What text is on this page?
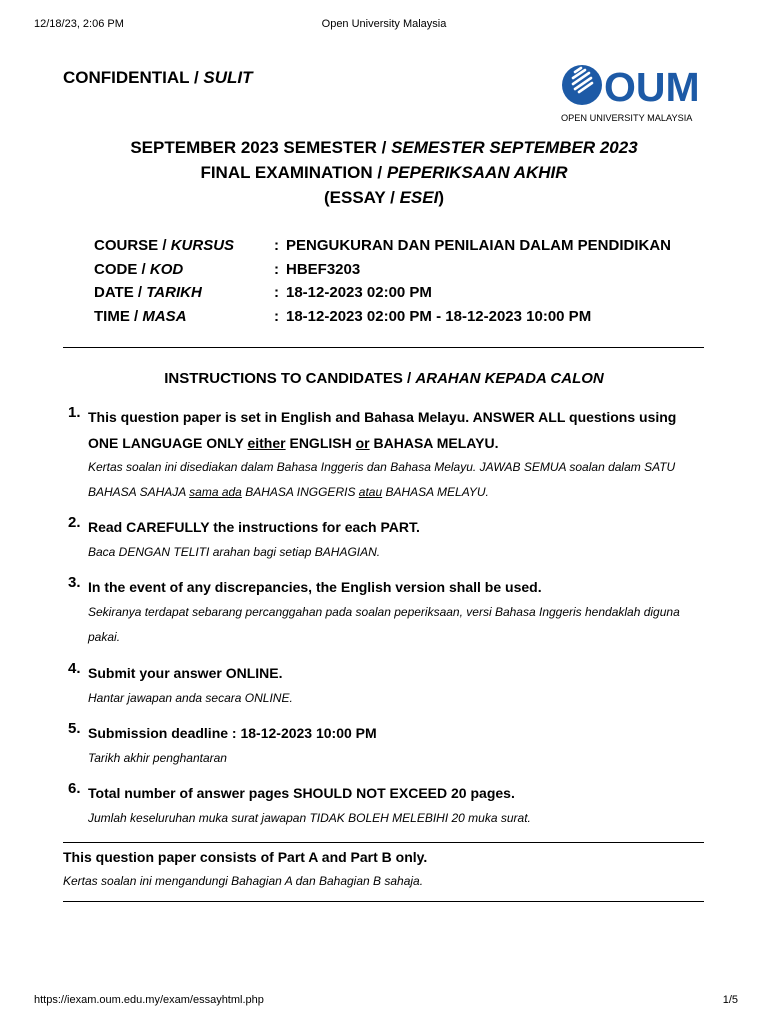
12/18/23, 2:06 PM	Open University Malaysia
CONFIDENTIAL / SULIT	OUM
OPEN UNIVERSITY MALAYSIA
SEPTEMBER 2023 SEMESTER / SEMESTER SEPTEMBER 2023
FINAL EXAMINATION / PEPERIKSAAN AKHIR
(ESSAY / ESEI)
COURSE / KURSUS	: PENGUKURAN DAN PENILAIAN DALAM PENDIDIKAN
CODE / KOD	: HBEF3203
DATE / TARIKH	: 18-12-2023 02:00 PM
TIME / MASA	: 18-12-2023 02:00 PM - 18-12-2023 10:00 PM
INSTRUCTIONS TO CANDIDATES / ARAHAN KEPADA CALON
1. This question paper is set in English and Bahasa Melayu. ANSWER ALL questions using ONE LANGUAGE ONLY either ENGLISH or BAHASA MELAYU.
Kertas soalan ini disediakan dalam Bahasa Inggeris dan Bahasa Melayu. JAWAB SEMUA soalan dalam SATU BAHASA SAHAJA sama ada BAHASA INGGERIS atau BAHASA MELAYU.
2. Read CAREFULLY the instructions for each PART.
Baca DENGAN TELITI arahan bagi setiap BAHAGIAN.
3. In the event of any discrepancies, the English version shall be used.
Sekiranya terdapat sebarang percanggahan pada soalan peperiksaan, versi Bahasa Inggeris hendaklah diguna pakai.
4. Submit your answer ONLINE.
Hantar jawapan anda secara ONLINE.
5. Submission deadline : 18-12-2023 10:00 PM
Tarikh akhir penghantaran
6. Total number of answer pages SHOULD NOT EXCEED 20 pages.
Jumlah keseluruhan muka surat jawapan TIDAK BOLEH MELEBIHI 20 muka surat.
This question paper consists of Part A and Part B only.
Kertas soalan ini mengandungi Bahagian A dan Bahagian B sahaja.
https://iexam.oum.edu.my/exam/essayhtml.php	1/5
